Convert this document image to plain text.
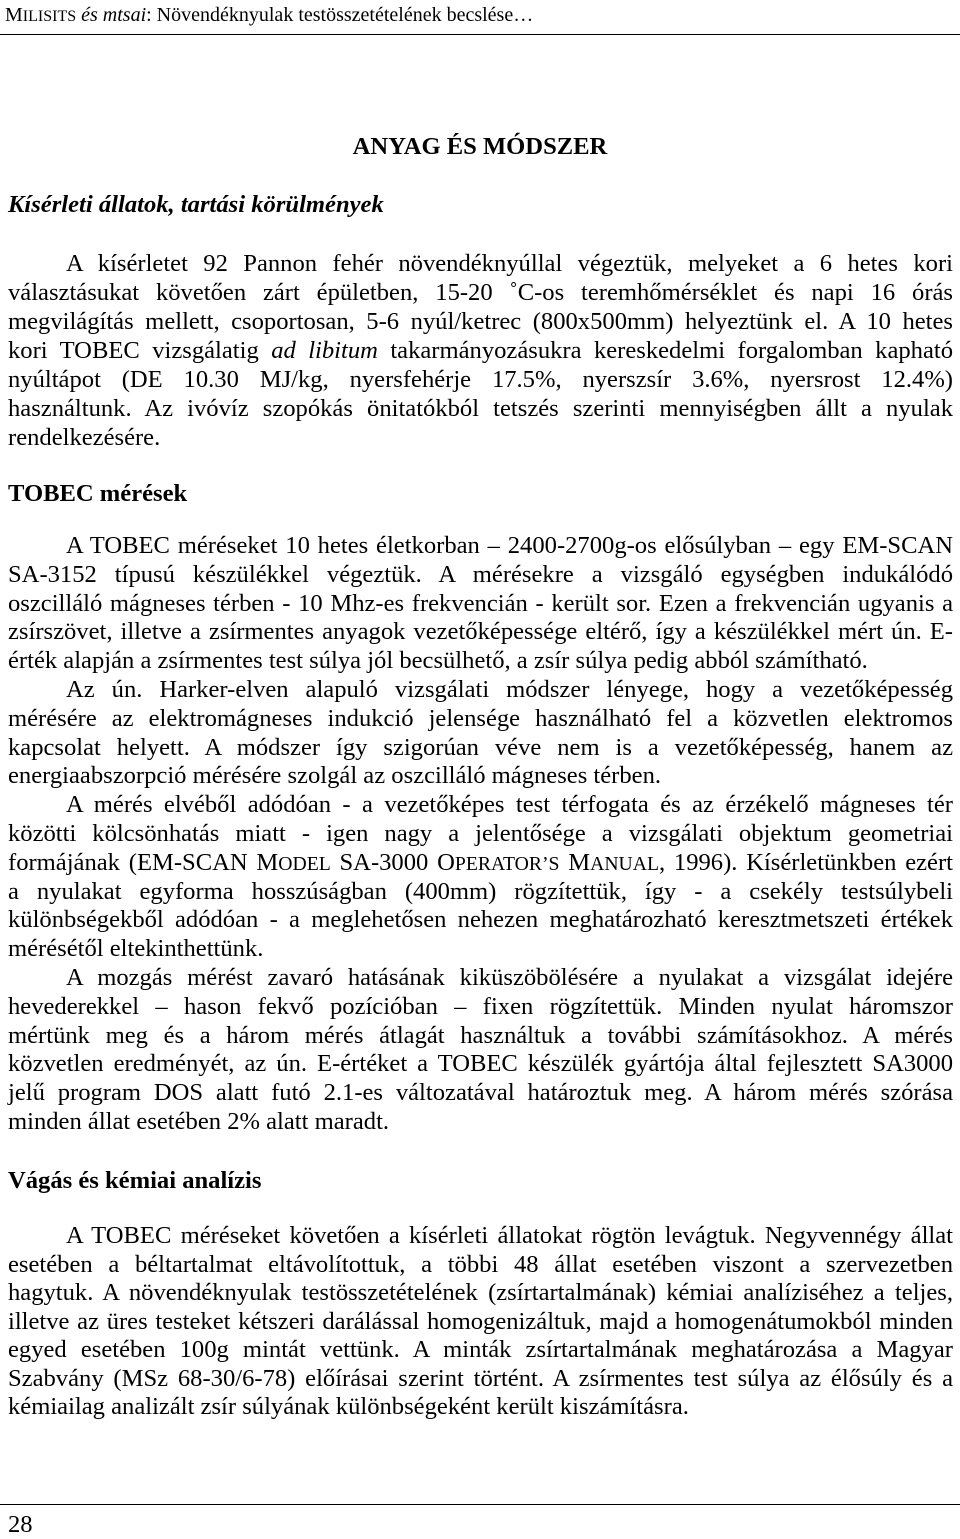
MILISITS és mtsai: Növendéknyulak testösszetételének becslése…
ANYAG ÉS MÓDSZER
Kísérleti állatok, tartási körülmények
A kísérletet 92 Pannon fehér növendéknyúllal végeztük, melyeket a 6 hetes kori
választásukat követően zárt épületben, 15-20 ˚C-os teremhőmérséklet és napi 16 órás
megvilágítás mellett, csoportosan, 5-6 nyúl/ketrec (800x500mm) helyeztünk el. A 10 hetes
kori TOBEC vizsgálatig ad libitum takarmányozásukra kereskedelmi forgalomban kapható
nyúltápot (DE 10.30 MJ/kg, nyersfehérje 17.5%, nyerszsír 3.6%, nyersrost 12.4%)
használtunk. Az ivóvíz szopókás önitatókból tetszés szerinti mennyiségben állt a nyulak
rendelkezésére.
TOBEC mérések
A TOBEC méréseket 10 hetes életkorban – 2400-2700g-os elősúlyban – egy EM-SCAN
SA-3152 típusú készülékkel végeztük. A mérésekre a vizsgáló egységben indukálódó
oszcilláló mágneses térben - 10 Mhz-es frekvencián - került sor. Ezen a frekvencián ugyanis a
zsírszövet, illetve a zsírmentes anyagok vezetőképessége eltérő, így a készülékkel mért ún. E-
érték alapján a zsírmentes test súlya jól becsülhető, a zsír súlya pedig abból számítható.
Az ún. Harker-elven alapuló vizsgálati módszer lényege, hogy a vezetőképesség
mérésére az elektromágneses indukció jelensége használható fel a közvetlen elektromos
kapcsolat helyett. A módszer így szigorúan véve nem is a vezetőképesség, hanem az
energiaabszorpció mérésére szolgál az oszcilláló mágneses térben.
A mérés elvéből adódóan - a vezetőképes test térfogata és az érzékelő mágneses tér
közötti kölcsönhatás miatt - igen nagy a jelentősége a vizsgálati objektum geometriai
formájának (EM-SCAN MODEL SA-3000 OPERATOR’S MANUAL, 1996). Kísérletünkben ezért
a nyulakat egyforma hosszúságban (400mm) rögzítettük, így - a csekély testsúlybeli
különbségekből adódóan - a meglehetősen nehezen meghatározható keresztmetszeti értékek
mérésétől eltekinthettünk.
A mozgás mérést zavaró hatásának kiküszöbölésére a nyulakat a vizsgálat idejére
hevederekkel – hason fekvő pozícióban – fixen rögzítettük. Minden nyulat háromszor
mértünk meg és a három mérés átlagát használtuk a további számításokhoz. A mérés
közvetlen eredményét, az ún. E-értéket a TOBEC készülék gyártója által fejlesztett SA3000
jelű program DOS alatt futó 2.1-es változatával határoztuk meg. A három mérés szórása
minden állat esetében 2% alatt maradt.
Vágás és kémiai analízis
A TOBEC méréseket követően a kísérleti állatokat rögtön levágtuk. Negyvennégy állat
esetében a béltartalmat eltávolítottuk, a többi 48 állat esetében viszont a szervezetben
hagytuk. A növendéknyulak testösszetételének (zsírtartalmának) kémiai analíziséhez a teljes,
illetve az üres testeket kétszeri darálással homogenizáltuk, majd a homogenátumokból minden
egyed esetében 100g mintát vettünk. A minták zsírtartalmának meghatározása a Magyar
Szabvány (MSz 68-30/6-78) előírásai szerint történt. A zsírmentes test súlya az élősúly és a
kémiailag analizált zsír súlyának különbségeként került kiszámításra.
28
